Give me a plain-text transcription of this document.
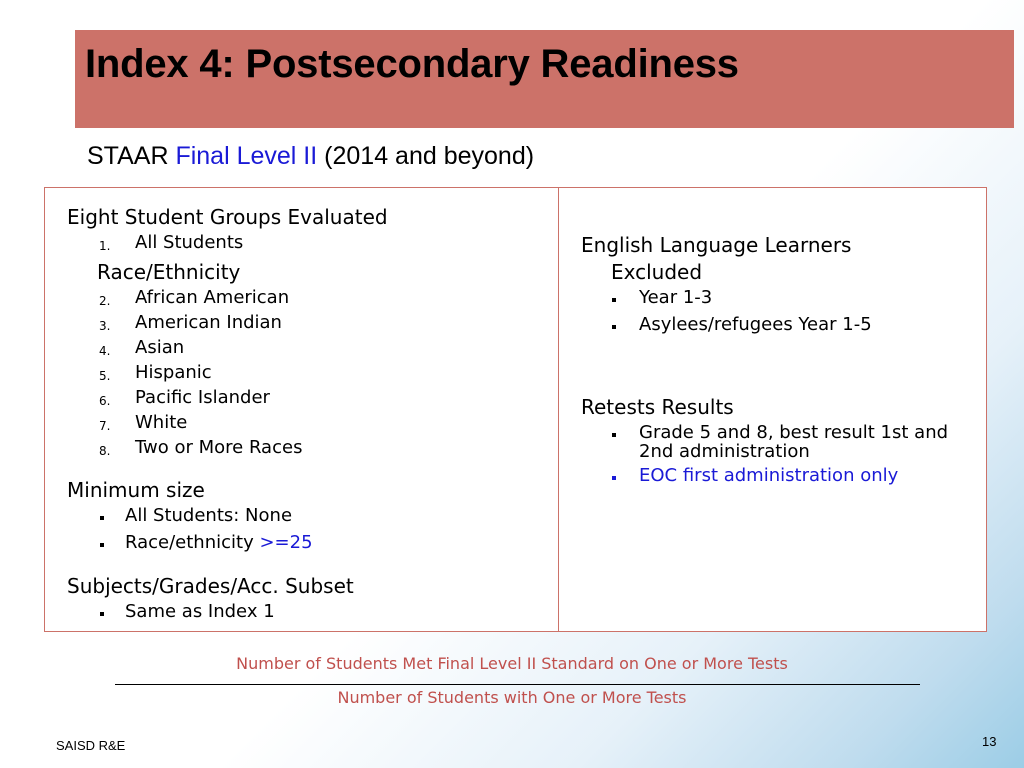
Index 4: Postsecondary Readiness
STAAR Final Level II (2014 and beyond)
Eight Student Groups Evaluated
1. All Students
Race/Ethnicity
2. African American
3. American Indian
4. Asian
5. Hispanic
6. Pacific Islander
7. White
8. Two or More Races
Minimum size
All Students: None
Race/ethnicity >=25
Subjects/Grades/Acc. Subset
Same as Index 1
English Language Learners
Excluded
Year 1-3
Asylees/refugees Year 1-5
Retests Results
Grade 5 and 8, best result 1st and
2nd administration
EOC first administration only
Number of Students Met Final Level II Standard on One or More Tests
Number of Students with One or More Tests
SAISD R&E	13
